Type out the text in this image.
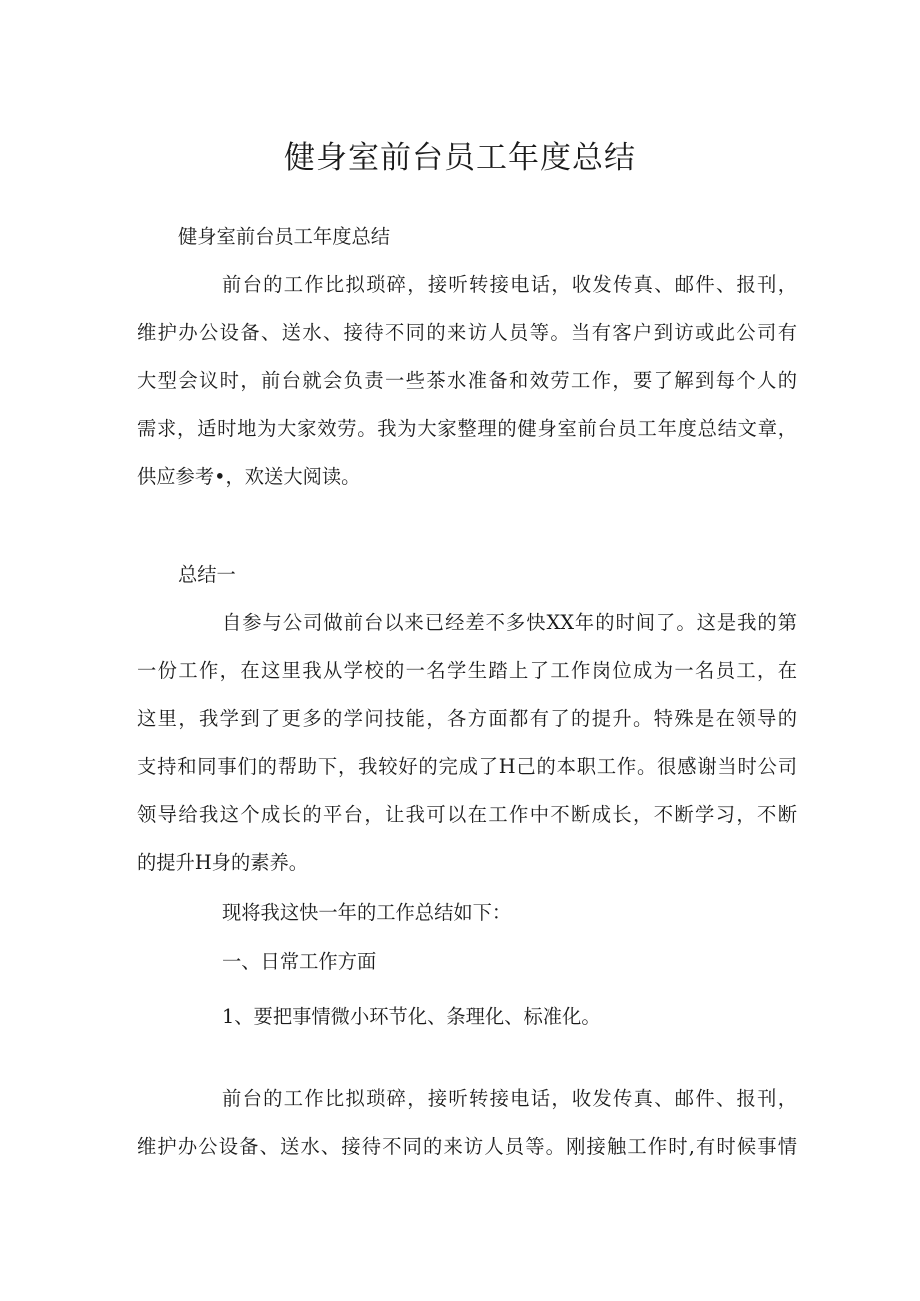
健身室前台员工年度总结
健身室前台员工年度总结
前台的工作比拟琐碎，接听转接电话，收发传真、邮件、报刊，
维护办公设备、送水、接待不同的来访人员等。当有客户到访或此公司有
大型会议时，前台就会负责一些茶水准备和效劳工作，要了解到每个人的
需求，适时地为大家效劳。我为大家整理的健身室前台员工年度总结文章，
供应参考•，欢送大阅读。
总结一
自参与公司做前台以来已经差不多快XX年的时间了。这是我的第
一份工作，在这里我从学校的一名学生踏上了工作岗位成为一名员工，在
这里，我学到了更多的学问技能，各方面都有了的提升。特殊是在领导的
支持和同事们的帮助下，我较好的完成了H己的本职工作。很感谢当时公司
领导给我这个成长的平台，让我可以在工作中不断成长，不断学习，不断
的提升H身的素养。
现将我这快一年的工作总结如下：
一、日常工作方面
1、要把事情微小环节化、条理化、标准化。
前台的工作比拟琐碎，接听转接电话，收发传真、邮件、报刊，
维护办公设备、送水、接待不同的来访人员等。刚接触工作时,有时候事情
